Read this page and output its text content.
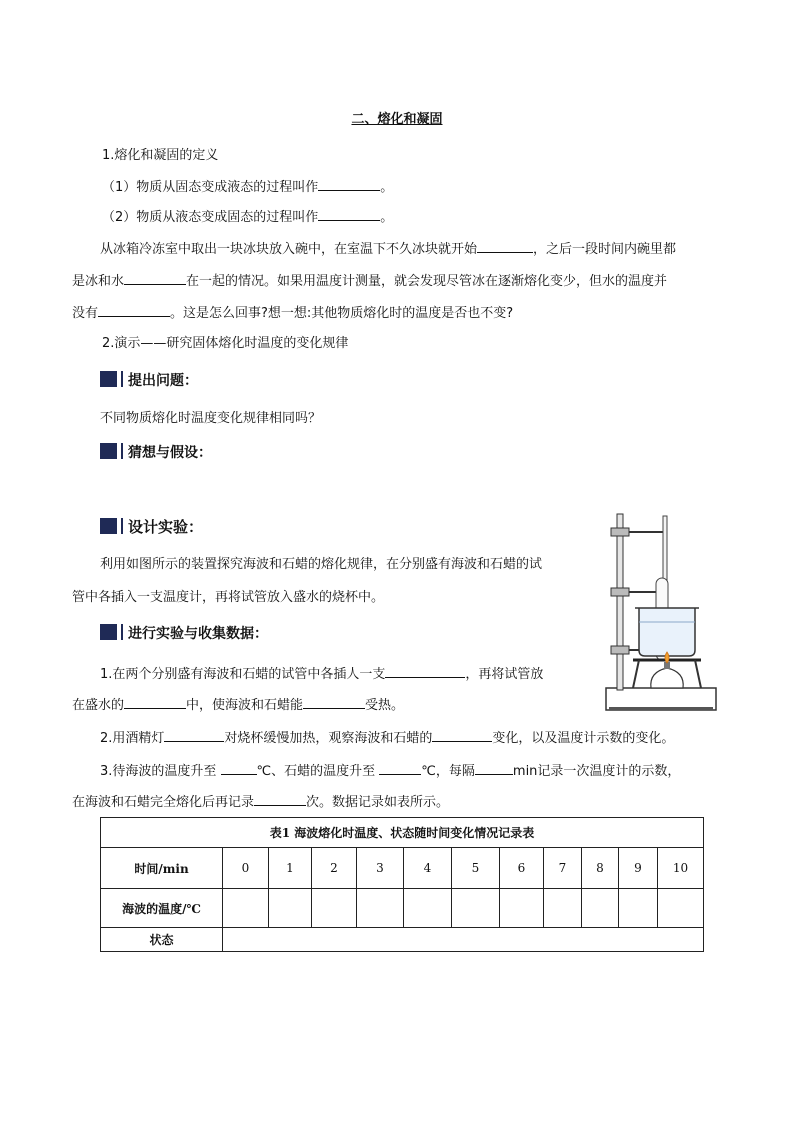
二、熔化和凝固
1.熔化和凝固的定义
（1）物质从固态变成液态的过程叫作	。
（2）物质从液态变成固态的过程叫作	。
从冰箱冷冻室中取出一块冰块放入碗中，在室温下不久冰块就开始	，之后一段时间内碗里都
是冰和水	在一起的情况。如果用温度计测量，就会发现尽管冰在逐渐熔化变少，但水的温度并
没有	。这是怎么回事?想一想:其他物质熔化时的温度是否也不变?
2.演示——研究固体熔化时温度的变化规律
提出问题：
不同物质熔化时温度变化规律相同吗？
猜想与假设：
设计实验：
利用如图所示的装置探究海波和石蜡的熔化规律，在分别盛有海波和石蜡的试
管中各插入一支温度计，再将试管放入盛水的烧杯中。
进行实验与收集数据：
1.在两个分别盛有海波和石蜡的试管中各插人一支	，再将试管放
在盛水的	中，使海波和石蜡能	受热。
2.用酒精灯	对烧杯缓慢加热，观察海波和石蜡的	变化，以及温度计示数的变化。
3.待海波的温度升至	℃、石蜡的温度升至	℃，每隔	min记录一次温度计的示数，
在海波和石蜡完全熔化后再记录	次。数据记录如表所示。
表1 海波熔化时温度、状态随时间变化情况记录表											
时间/min	0	1	2	3	4	5	6	7	8	9	10
海波的温度/℃											
状态											
